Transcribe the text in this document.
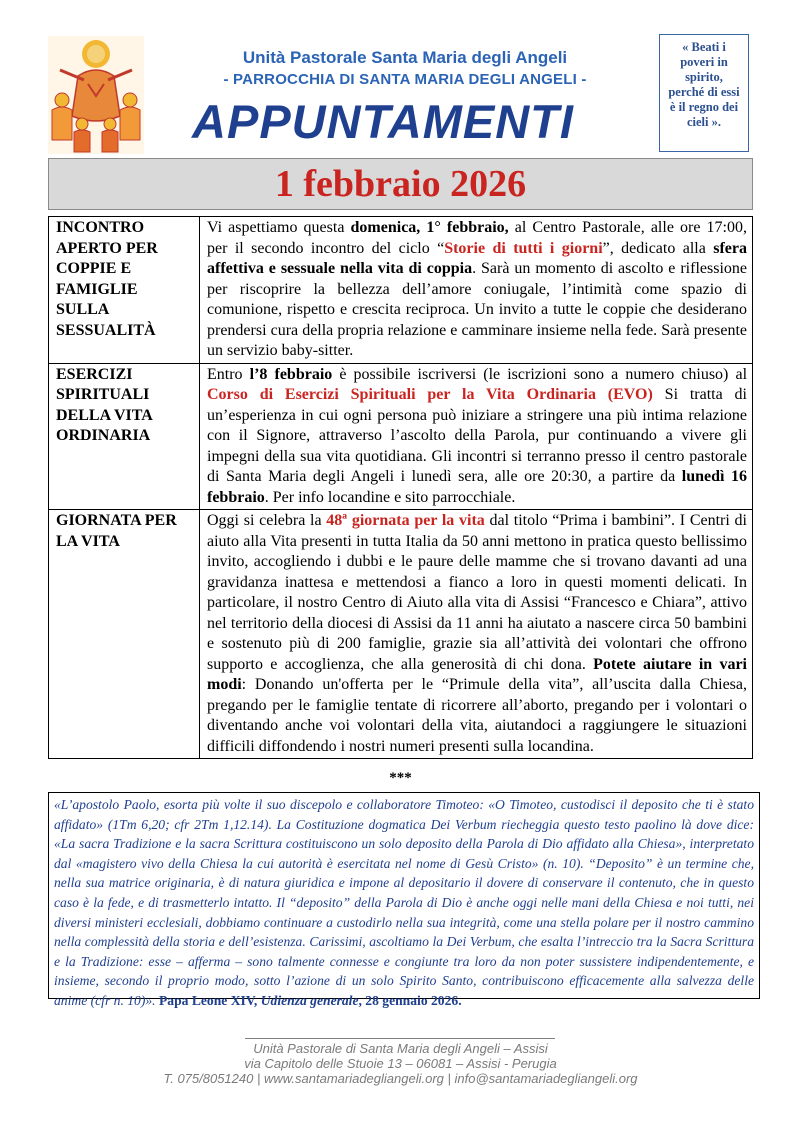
Unità Pastorale Santa Maria degli Angeli
- PARROCCHIA DI SANTA MARIA DEGLI ANGELI -
APPUNTAMENTI
« Beati i poveri in spirito, perché di essi è il regno dei cieli ».
1 febbraio 2026
INCONTRO APERTO PER COPPIE E FAMIGLIE SULLA SESSUALITÀ	Vi aspettiamo questa domenica, 1° febbraio, al Centro Pastorale, alle ore 17:00, per il secondo incontro del ciclo “Storie di tutti i giorni”, dedicato alla sfera affettiva e sessuale nella vita di coppia. Sarà un momento di ascolto e riflessione per riscoprire la bellezza dell’amore coniugale, l’intimità come spazio di comunione, rispetto e crescita reciproca. Un invito a tutte le coppie che desiderano prendersi cura della propria relazione e camminare insieme nella fede. Sarà presente un servizio baby-sitter.
ESERCIZI SPIRITUALI DELLA VITA ORDINARIA	Entro l’8 febbraio è possibile iscriversi (le iscrizioni sono a numero chiuso) al Corso di Esercizi Spirituali per la Vita Ordinaria (EVO) Si tratta di un’esperienza in cui ogni persona può iniziare a stringere una più intima relazione con il Signore, attraverso l’ascolto della Parola, pur continuando a vivere gli impegni della sua vita quotidiana. Gli incontri si terranno presso il centro pastorale di Santa Maria degli Angeli i lunedì sera, alle ore 20:30, a partire da lunedì 16 febbraio. Per info locandine e sito parrocchiale.
GIORNATA PER LA VITA	Oggi si celebra la 48ª giornata per la vita dal titolo “Prima i bambini”. I Centri di aiuto alla Vita presenti in tutta Italia da 50 anni mettono in pratica questo bellissimo invito, accogliendo i dubbi e le paure delle mamme che si trovano davanti ad una gravidanza inattesa e mettendosi a fianco a loro in questi momenti delicati. In particolare, il nostro Centro di Aiuto alla vita di Assisi “Francesco e Chiara”, attivo nel territorio della diocesi di Assisi da 11 anni ha aiutato a nascere circa 50 bambini e sostenuto più di 200 famiglie, grazie sia all’attività dei volontari che offrono supporto e accoglienza, che alla generosità di chi dona. Potete aiutare in vari modi: Donando un'offerta per le “Primule della vita”, all’uscita dalla Chiesa, pregando per le famiglie tentate di ricorrere all’aborto, pregando per i volontari o diventando anche voi volontari della vita, aiutandoci a raggiungere le situazioni difficili diffondendo i nostri numeri presenti sulla locandina.
***
«L’apostolo Paolo, esorta più volte il suo discepolo e collaboratore Timoteo: «O Timoteo, custodisci il deposito che ti è stato affidato» (1Tm 6,20; cfr 2Tm 1,12.14). La Costituzione dogmatica Dei Verbum riecheggia questo testo paolino là dove dice: «La sacra Tradizione e la sacra Scrittura costituiscono un solo deposito della Parola di Dio affidato alla Chiesa», interpretato dal «magistero vivo della Chiesa la cui autorità è esercitata nel nome di Gesù Cristo» (n. 10). “Deposito” è un termine che, nella sua matrice originaria, è di natura giuridica e impone al depositario il dovere di conservare il contenuto, che in questo caso è la fede, e di trasmetterlo intatto. Il “deposito” della Parola di Dio è anche oggi nelle mani della Chiesa e noi tutti, nei diversi ministeri ecclesiali, dobbiamo continuare a custodirlo nella sua integrità, come una stella polare per il nostro cammino nella complessità della storia e dell’esistenza. Carissimi, ascoltiamo la Dei Verbum, che esalta l’intreccio tra la Sacra Scrittura e la Tradizione: esse – afferma – sono talmente connesse e congiunte tra loro da non poter sussistere indipendentemente, e insieme, secondo il proprio modo, sotto l’azione di un solo Spirito Santo, contribuiscono efficacemente alla salvezza delle anime (cfr n. 10)». Papa Leone XIV, Udienza generale, 28 gennaio 2026.
Unità Pastorale di Santa Maria degli Angeli – Assisi
via Capitolo delle Stuoie 13 – 06081 – Assisi - Perugia
T. 075/8051240 | www.santamariadegliangeli.org | info@santamariadegliangeli.org
